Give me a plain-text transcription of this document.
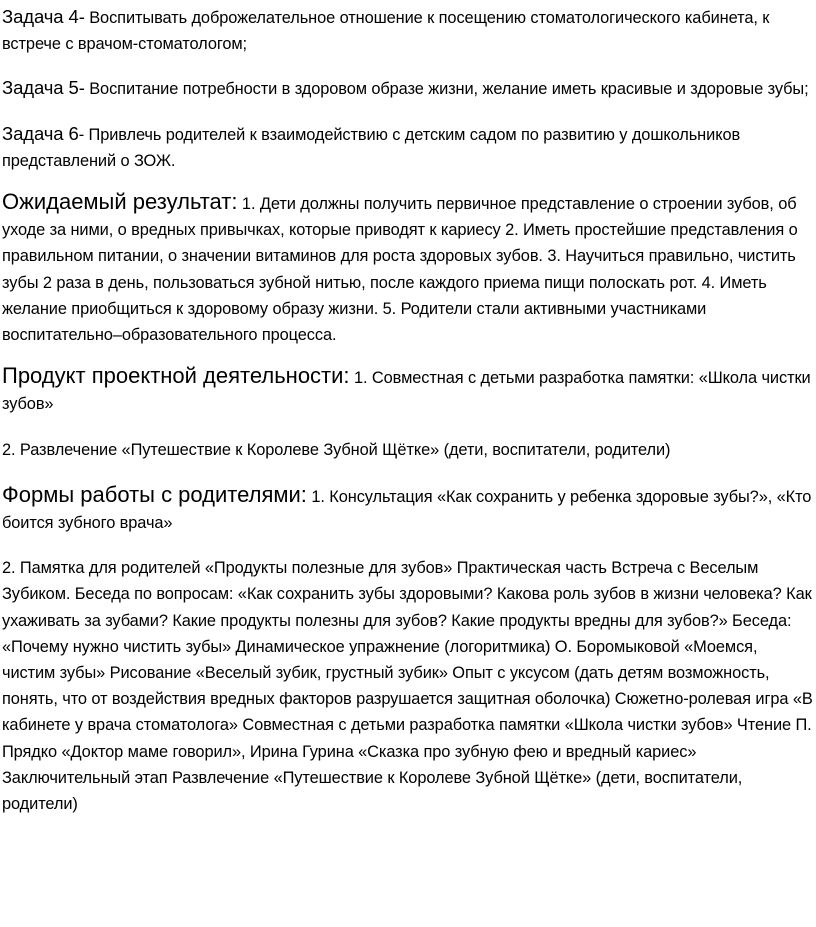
Задача 4- Воспитывать доброжелательное отношение к посещению стоматологического кабинета, к встрече с врачом-стоматологом;

Задача 5- Воспитание потребности в здоровом образе жизни, желание иметь красивые и здоровые зубы;

Задача 6- Привлечь родителей к взаимодействию с детским садом по развитию у дошкольников представлений о ЗОЖ.

Ожидаемый результат: 1. Дети должны получить первичное представление о строении зубов, об уходе за ними, о вредных привычках, которые приводят к кариесу 2. Иметь простейшие представления о правильном питании, о значении витаминов для роста здоровых зубов. 3. Научиться правильно, чистить зубы 2 раза в день, пользоваться зубной нитью, после каждого приема пищи полоскать рот. 4. Иметь желание приобщиться к здоровому образу жизни. 5. Родители стали активными участниками воспитательно–образовательного процесса.

Продукт проектной деятельности: 1. Совместная с детьми разработка памятки: «Школа чистки зубов»

2. Развлечение «Путешествие к Королеве Зубной Щётке» (дети, воспитатели, родители)

Формы работы с родителями: 1. Консультация «Как сохранить у ребенка здоровые зубы?», «Кто боится зубного врача»

2. Памятка для родителей «Продукты полезные для зубов» Практическая часть Встреча с Веселым Зубиком. Беседа по вопросам: «Как сохранить зубы здоровыми? Какова роль зубов в жизни человека? Как ухаживать за зубами? Какие продукты полезны для зубов? Какие продукты вредны для зубов?» Беседа: «Почему нужно чистить зубы» Динамическое упражнение (логоритмика) О. Боромыковой «Моемся, чистим зубы» Рисование «Веселый зубик, грустный зубик» Опыт с уксусом (дать детям возможность, понять, что от воздействия вредных факторов разрушается защитная оболочка) Сюжетно-ролевая игра «В кабинете у врача стоматолога» Совместная с детьми разработка памятки «Школа чистки зубов» Чтение П. Прядко «Доктор маме говорил», Ирина Гурина «Сказка про зубную фею и вредный кариес» Заключительный этап Развлечение «Путешествие к Королеве Зубной Щётке» (дети, воспитатели, родители)
